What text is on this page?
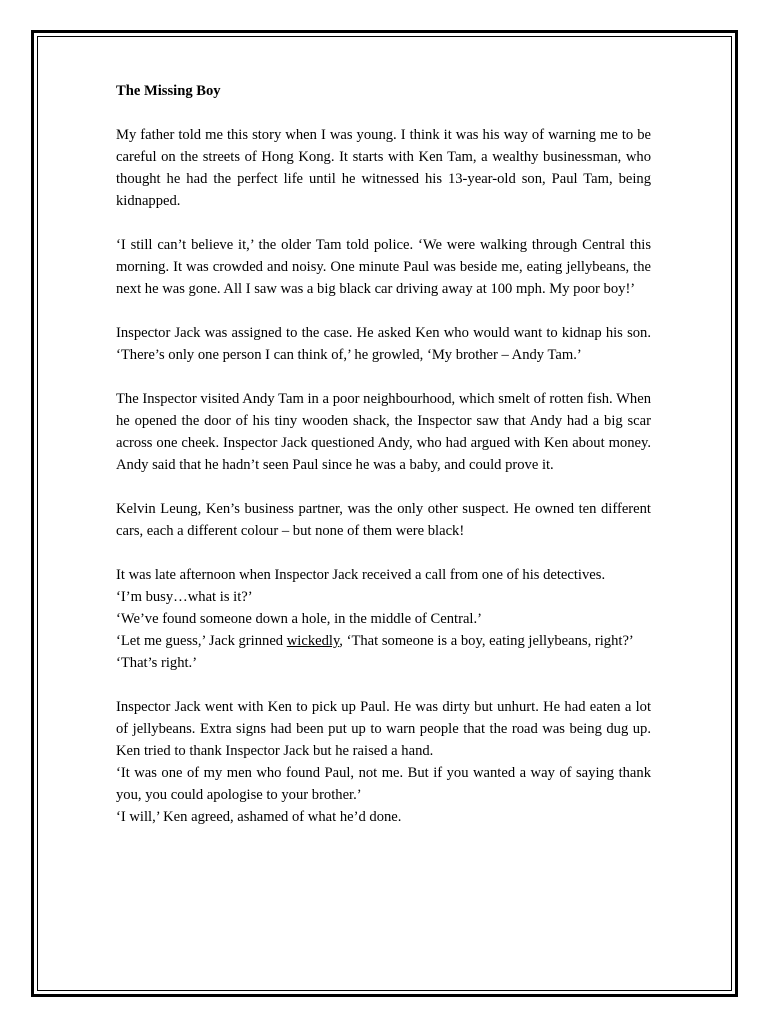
The Missing Boy

My father told me this story when I was young. I think it was his way of warning me to be careful on the streets of Hong Kong. It starts with Ken Tam, a wealthy businessman, who thought he had the perfect life until he witnessed his 13-year-old son, Paul Tam, being kidnapped.

‘I still can’t believe it,’ the older Tam told police. ‘We were walking through Central this morning. It was crowded and noisy. One minute Paul was beside me, eating jellybeans, the next he was gone. All I saw was a big black car driving away at 100 mph. My poor boy!’

Inspector Jack was assigned to the case. He asked Ken who would want to kidnap his son. ‘There’s only one person I can think of,’ he growled, ‘My brother – Andy Tam.’

The Inspector visited Andy Tam in a poor neighbourhood, which smelt of rotten fish. When he opened the door of his tiny wooden shack, the Inspector saw that Andy had a big scar across one cheek. Inspector Jack questioned Andy, who had argued with Ken about money. Andy said that he hadn’t seen Paul since he was a baby, and could prove it.

Kelvin Leung, Ken’s business partner, was the only other suspect. He owned ten different cars, each a different colour – but none of them were black!

It was late afternoon when Inspector Jack received a call from one of his detectives.
‘I’m busy…what is it?’
‘We’ve found someone down a hole, in the middle of Central.’
‘Let me guess,’ Jack grinned wickedly, ‘That someone is a boy, eating jellybeans, right?’
‘That’s right.’
Inspector Jack went with Ken to pick up Paul. He was dirty but unhurt. He had eaten a lot of jellybeans. Extra signs had been put up to warn people that the road was being dug up. Ken tried to thank Inspector Jack but he raised a hand.
‘It was one of my men who found Paul, not me. But if you wanted a way of saying thank you, you could apologise to your brother.’
‘I will,’ Ken agreed, ashamed of what he’d done.
